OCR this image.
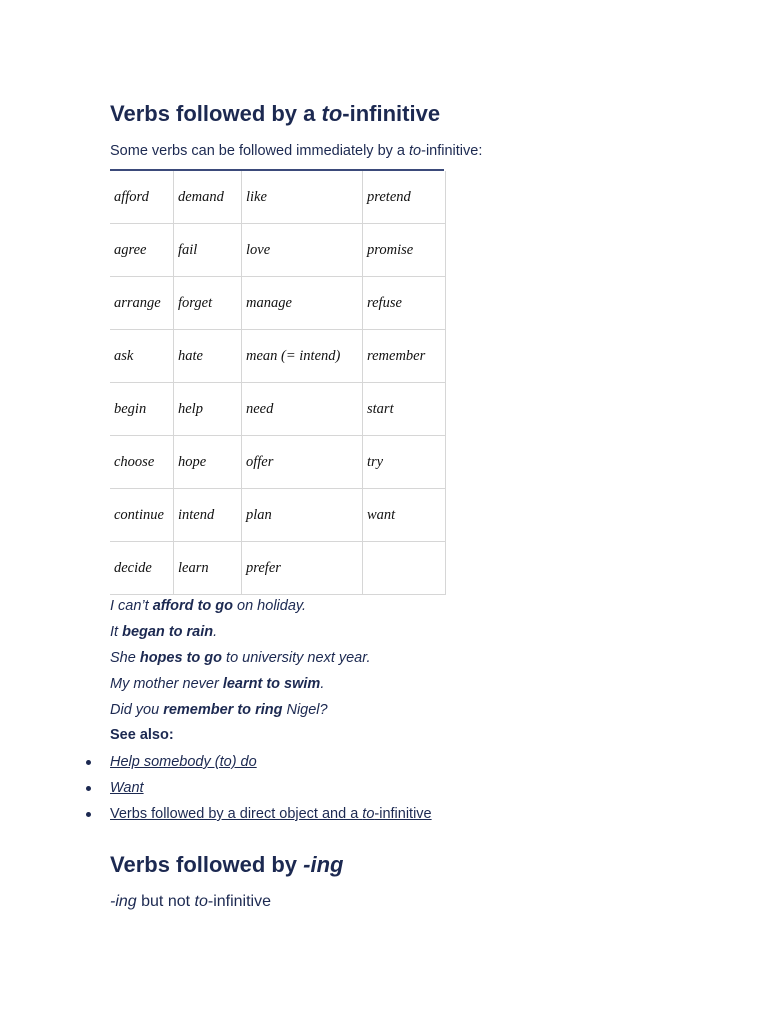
Verbs followed by a to-infinitive

Some verbs can be followed immediately by a to-infinitive:

afford	demand	like	pretend
agree	fail	love	promise
arrange	forget	manage	refuse
ask	hate	mean (= intend)	remember
begin	help	need	start
choose	hope	offer	try
continue	intend	plan	want
decide	learn	prefer	
I can’t afford to go on holiday.
It began to rain.
She hopes to go to university next year.
My mother never learnt to swim.
Did you remember to ring Nigel?

See also:

Help somebody (to) do
Want
Verbs followed by a direct object and a to-infinitive
Verbs followed by -ing

-ing but not to-infinitive
